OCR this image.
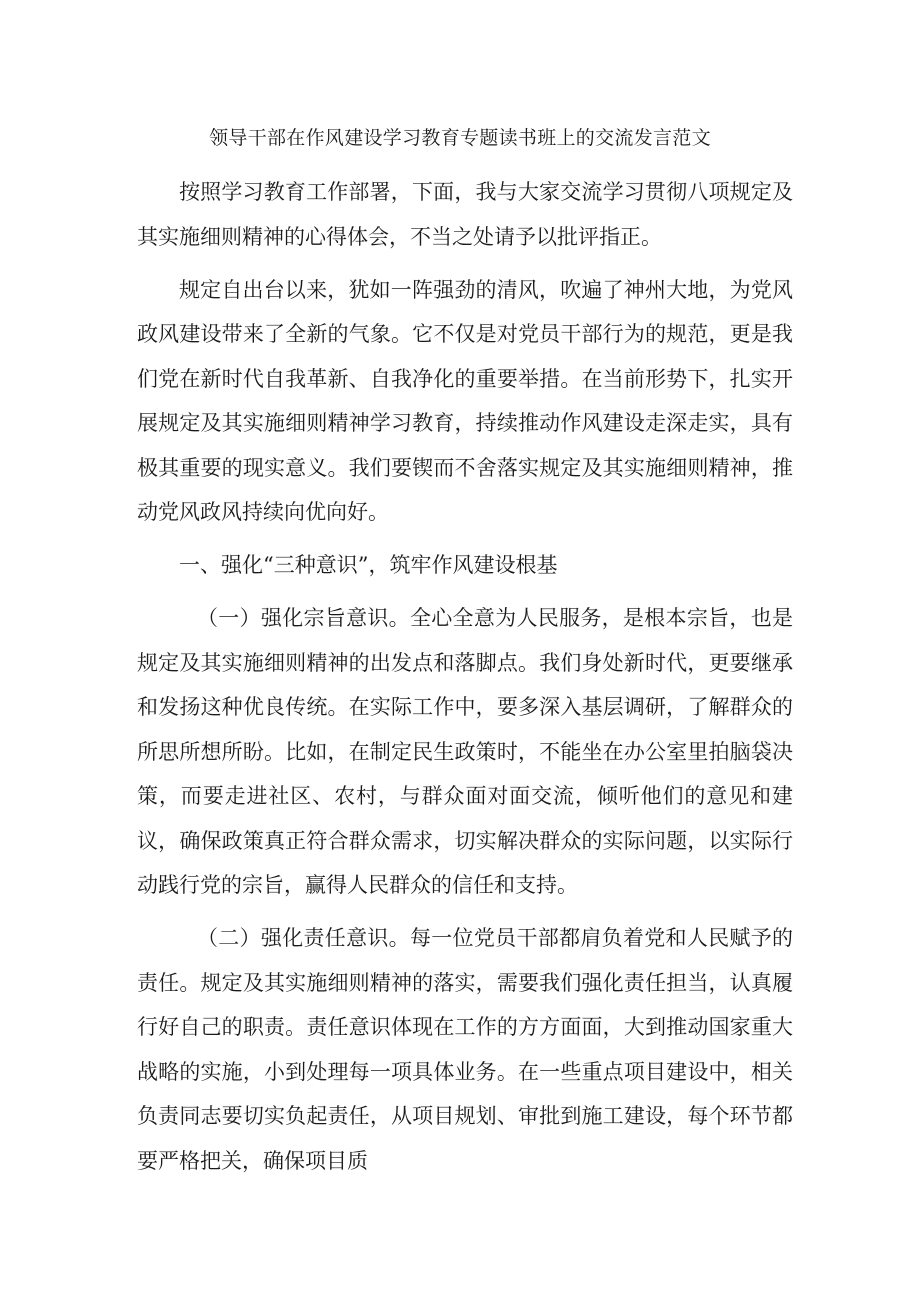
领导干部在作风建设学习教育专题读书班上的交流发言范文

按照学习教育工作部署，下面，我与大家交流学习贯彻八项规定及其实施细则精神的心得体会，不当之处请予以批评指正。

规定自出台以来，犹如一阵强劲的清风，吹遍了神州大地，为党风政风建设带来了全新的气象。它不仅是对党员干部行为的规范，更是我们党在新时代自我革新、自我净化的重要举措。在当前形势下，扎实开展规定及其实施细则精神学习教育，持续推动作风建设走深走实，具有极其重要的现实意义。我们要锲而不舍落实规定及其实施细则精神，推动党风政风持续向优向好。

一、强化“三种意识”，筑牢作风建设根基

（一）强化宗旨意识。全心全意为人民服务，是根本宗旨，也是规定及其实施细则精神的出发点和落脚点。我们身处新时代，更要继承和发扬这种优良传统。在实际工作中，要多深入基层调研，了解群众的所思所想所盼。比如，在制定民生政策时，不能坐在办公室里拍脑袋决策，而要走进社区、农村，与群众面对面交流，倾听他们的意见和建议，确保政策真正符合群众需求，切实解决群众的实际问题，以实际行动践行党的宗旨，赢得人民群众的信任和支持。

（二）强化责任意识。每一位党员干部都肩负着党和人民赋予的责任。规定及其实施细则精神的落实，需要我们强化责任担当，认真履行好自己的职责。责任意识体现在工作的方方面面，大到推动国家重大战略的实施，小到处理每一项具体业务。在一些重点项目建设中，相关负责同志要切实负起责任，从项目规划、审批到施工建设，每个环节都要严格把关，确保项目质
